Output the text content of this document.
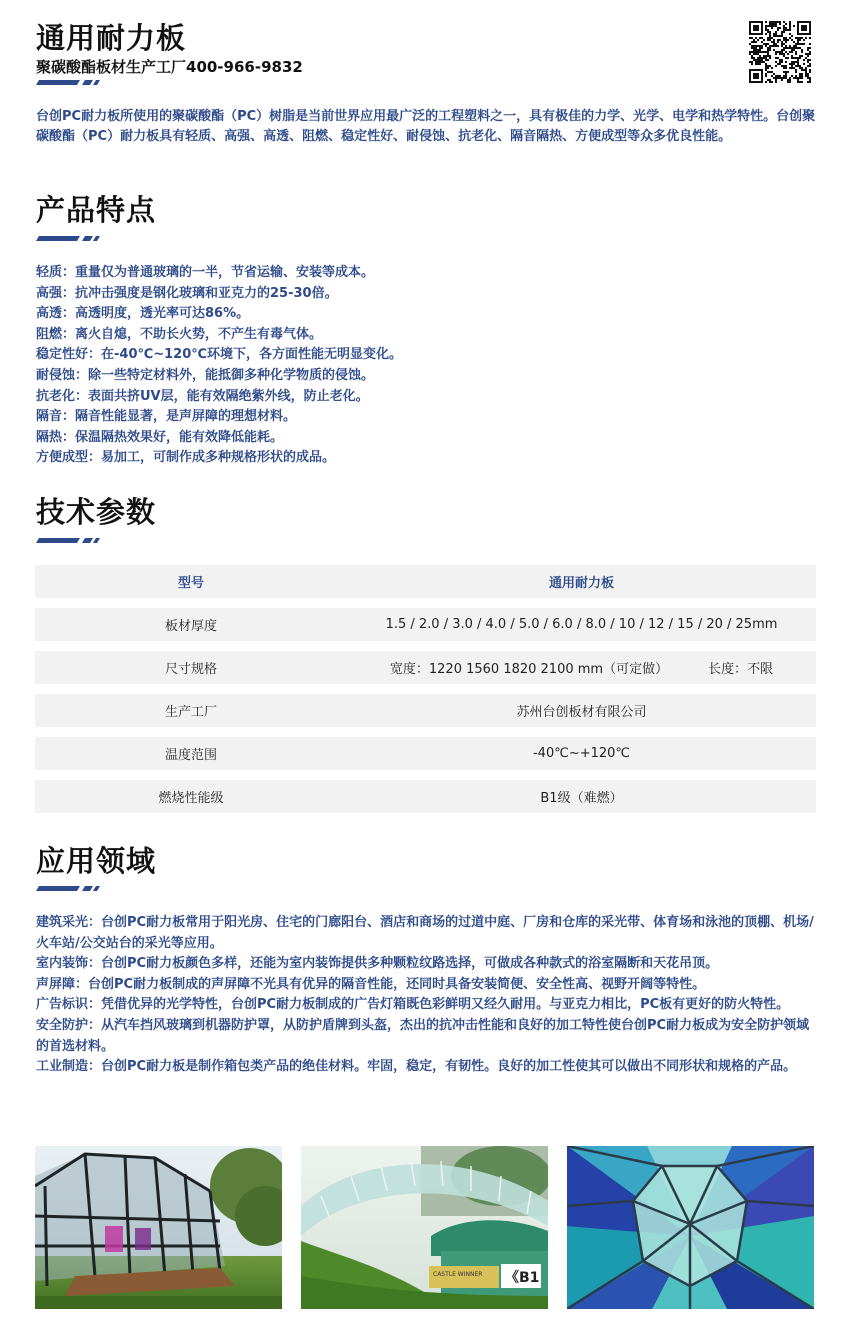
通用耐力板
聚碳酸酯板材生产工厂400-966-9832
台创PC耐力板所使用的聚碳酸酯（PC）树脂是当前世界应用最广泛的工程塑料之一，具有极佳的力学、光学、电学和热学特性。台创聚碳酸酯（PC）耐力板具有轻质、高强、高透、阻燃、稳定性好、耐侵蚀、抗老化、隔音隔热、方便成型等众多优良性能。
产品特点
轻质：重量仅为普通玻璃的一半，节省运输、安装等成本。
高强：抗冲击强度是钢化玻璃和亚克力的25-30倍。
高透：高透明度，透光率可达86%。
阻燃：离火自熄，不助长火势，不产生有毒气体。
稳定性好：在-40℃~120℃环境下，各方面性能无明显变化。
耐侵蚀：除一些特定材料外，能抵御多种化学物质的侵蚀。
抗老化：表面共挤UV层，能有效隔绝紫外线，防止老化。
隔音：隔音性能显著，是声屏障的理想材料。
隔热：保温隔热效果好，能有效降低能耗。
方便成型：易加工，可制作成多种规格形状的成品。
技术参数
型号	通用耐力板
板材厚度	1.5 / 2.0 / 3.0 / 4.0 / 5.0 / 6.0 / 8.0 / 10 / 12 / 15 / 20 / 25mm
尺寸规格	宽度：1220 1560 1820 2100 mm（可定做）	长度：不限
生产工厂	苏州台创板材有限公司
温度范围	-40℃~+120℃
燃烧性能级	B1级（难燃）
应用领域
建筑采光：台创PC耐力板常用于阳光房、住宅的门廊阳台、酒店和商场的过道中庭、厂房和仓库的采光带、体育场和泳池的顶棚、机场/火车站/公交站台的采光等应用。
室内装饰：台创PC耐力板颜色多样，还能为室内装饰提供多种颗粒纹路选择，可做成各种款式的浴室隔断和天花吊顶。
声屏障：台创PC耐力板制成的声屏障不光具有优异的隔音性能，还同时具备安装简便、安全性高、视野开阔等特性。
广告标识：凭借优异的光学特性，台创PC耐力板制成的广告灯箱既色彩鲜明又经久耐用。与亚克力相比，PC板有更好的防火特性。
安全防护：从汽车挡风玻璃到机器防护罩，从防护盾牌到头盔，杰出的抗冲击性能和良好的加工特性使台创PC耐力板成为安全防护领域的首选材料。
工业制造：台创PC耐力板是制作箱包类产品的绝佳材料。牢固，稳定，有韧性。良好的加工性使其可以做出不同形状和规格的产品。
CASTLE WINNER 《B1
